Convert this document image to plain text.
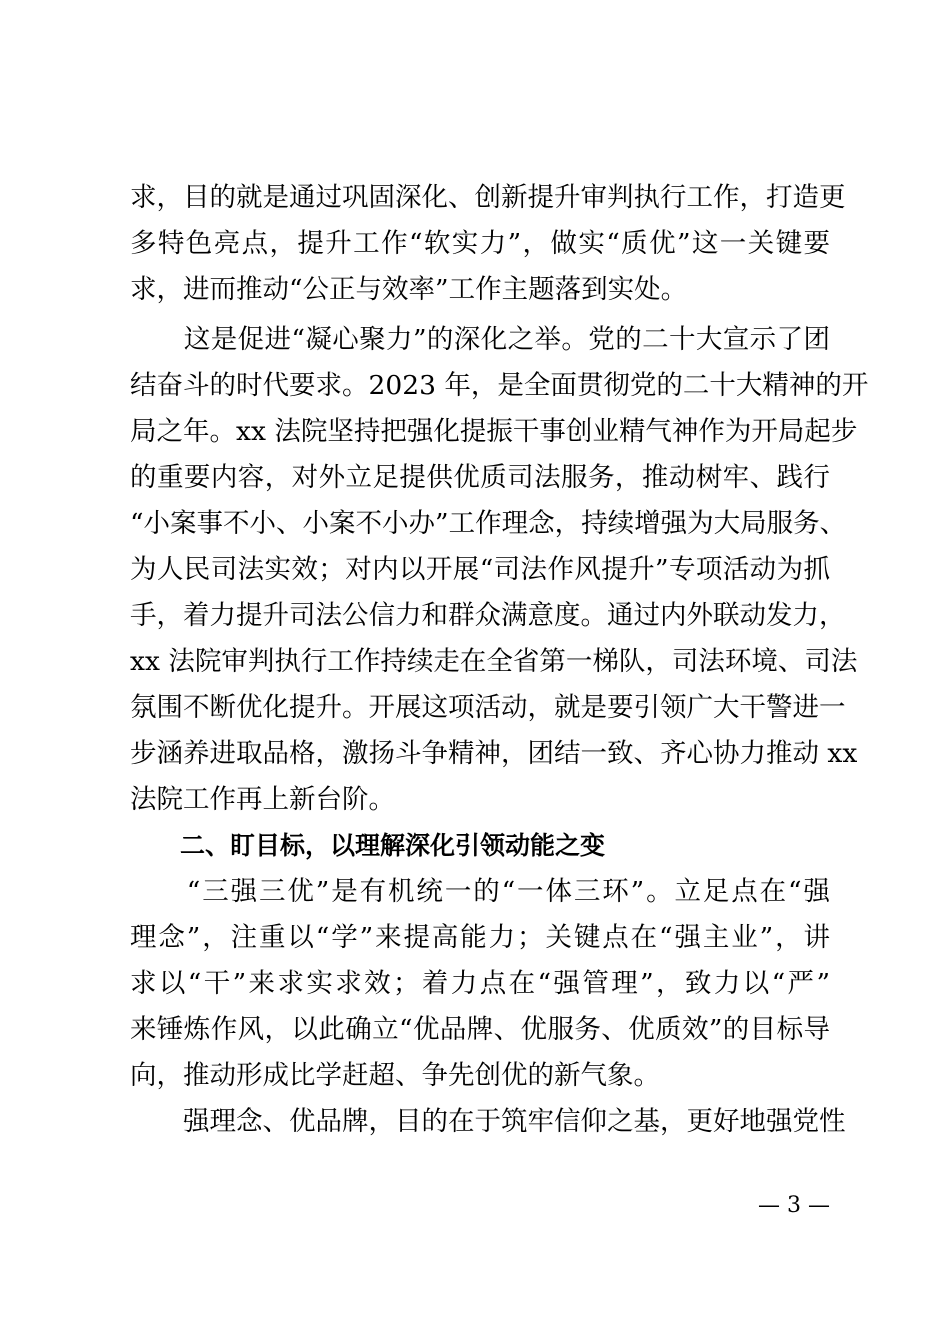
求，目的就是通过巩固深化、创新提升审判执行工作，打造更
多特色亮点，提升工作“软实力”，做实“质优”这一关键要
求，进而推动“公正与效率”工作主题落到实处。
　　这是促进“凝心聚力”的深化之举。党的二十大宣示了团
结奋斗的时代要求。2023 年，是全面贯彻党的二十大精神的开
局之年。xx 法院坚持把强化提振干事创业精气神作为开局起步
的重要内容，对外立足提供优质司法服务，推动树牢、践行
“小案事不小、小案不小办”工作理念，持续增强为大局服务、
为人民司法实效；对内以开展“司法作风提升”专项活动为抓
手，着力提升司法公信力和群众满意度。通过内外联动发力，
xx 法院审判执行工作持续走在全省第一梯队，司法环境、司法
氛围不断优化提升。开展这项活动，就是要引领广大干警进一
步涵养进取品格，激扬斗争精神，团结一致、齐心协力推动 xx
法院工作再上新台阶。
　　二、盯目标，以理解深化引领动能之变
　　“三强三优”是有机统一的“一体三环”。立足点在“强
理念”，注重以“学”来提高能力；关键点在“强主业”，讲
求以“干”来求实求效；着力点在“强管理”，致力以“严”
来锤炼作风，以此确立“优品牌、优服务、优质效”的目标导
向，推动形成比学赶超、争先创优的新气象。
　　强理念、优品牌，目的在于筑牢信仰之基，更好地强党性
— 3 —
